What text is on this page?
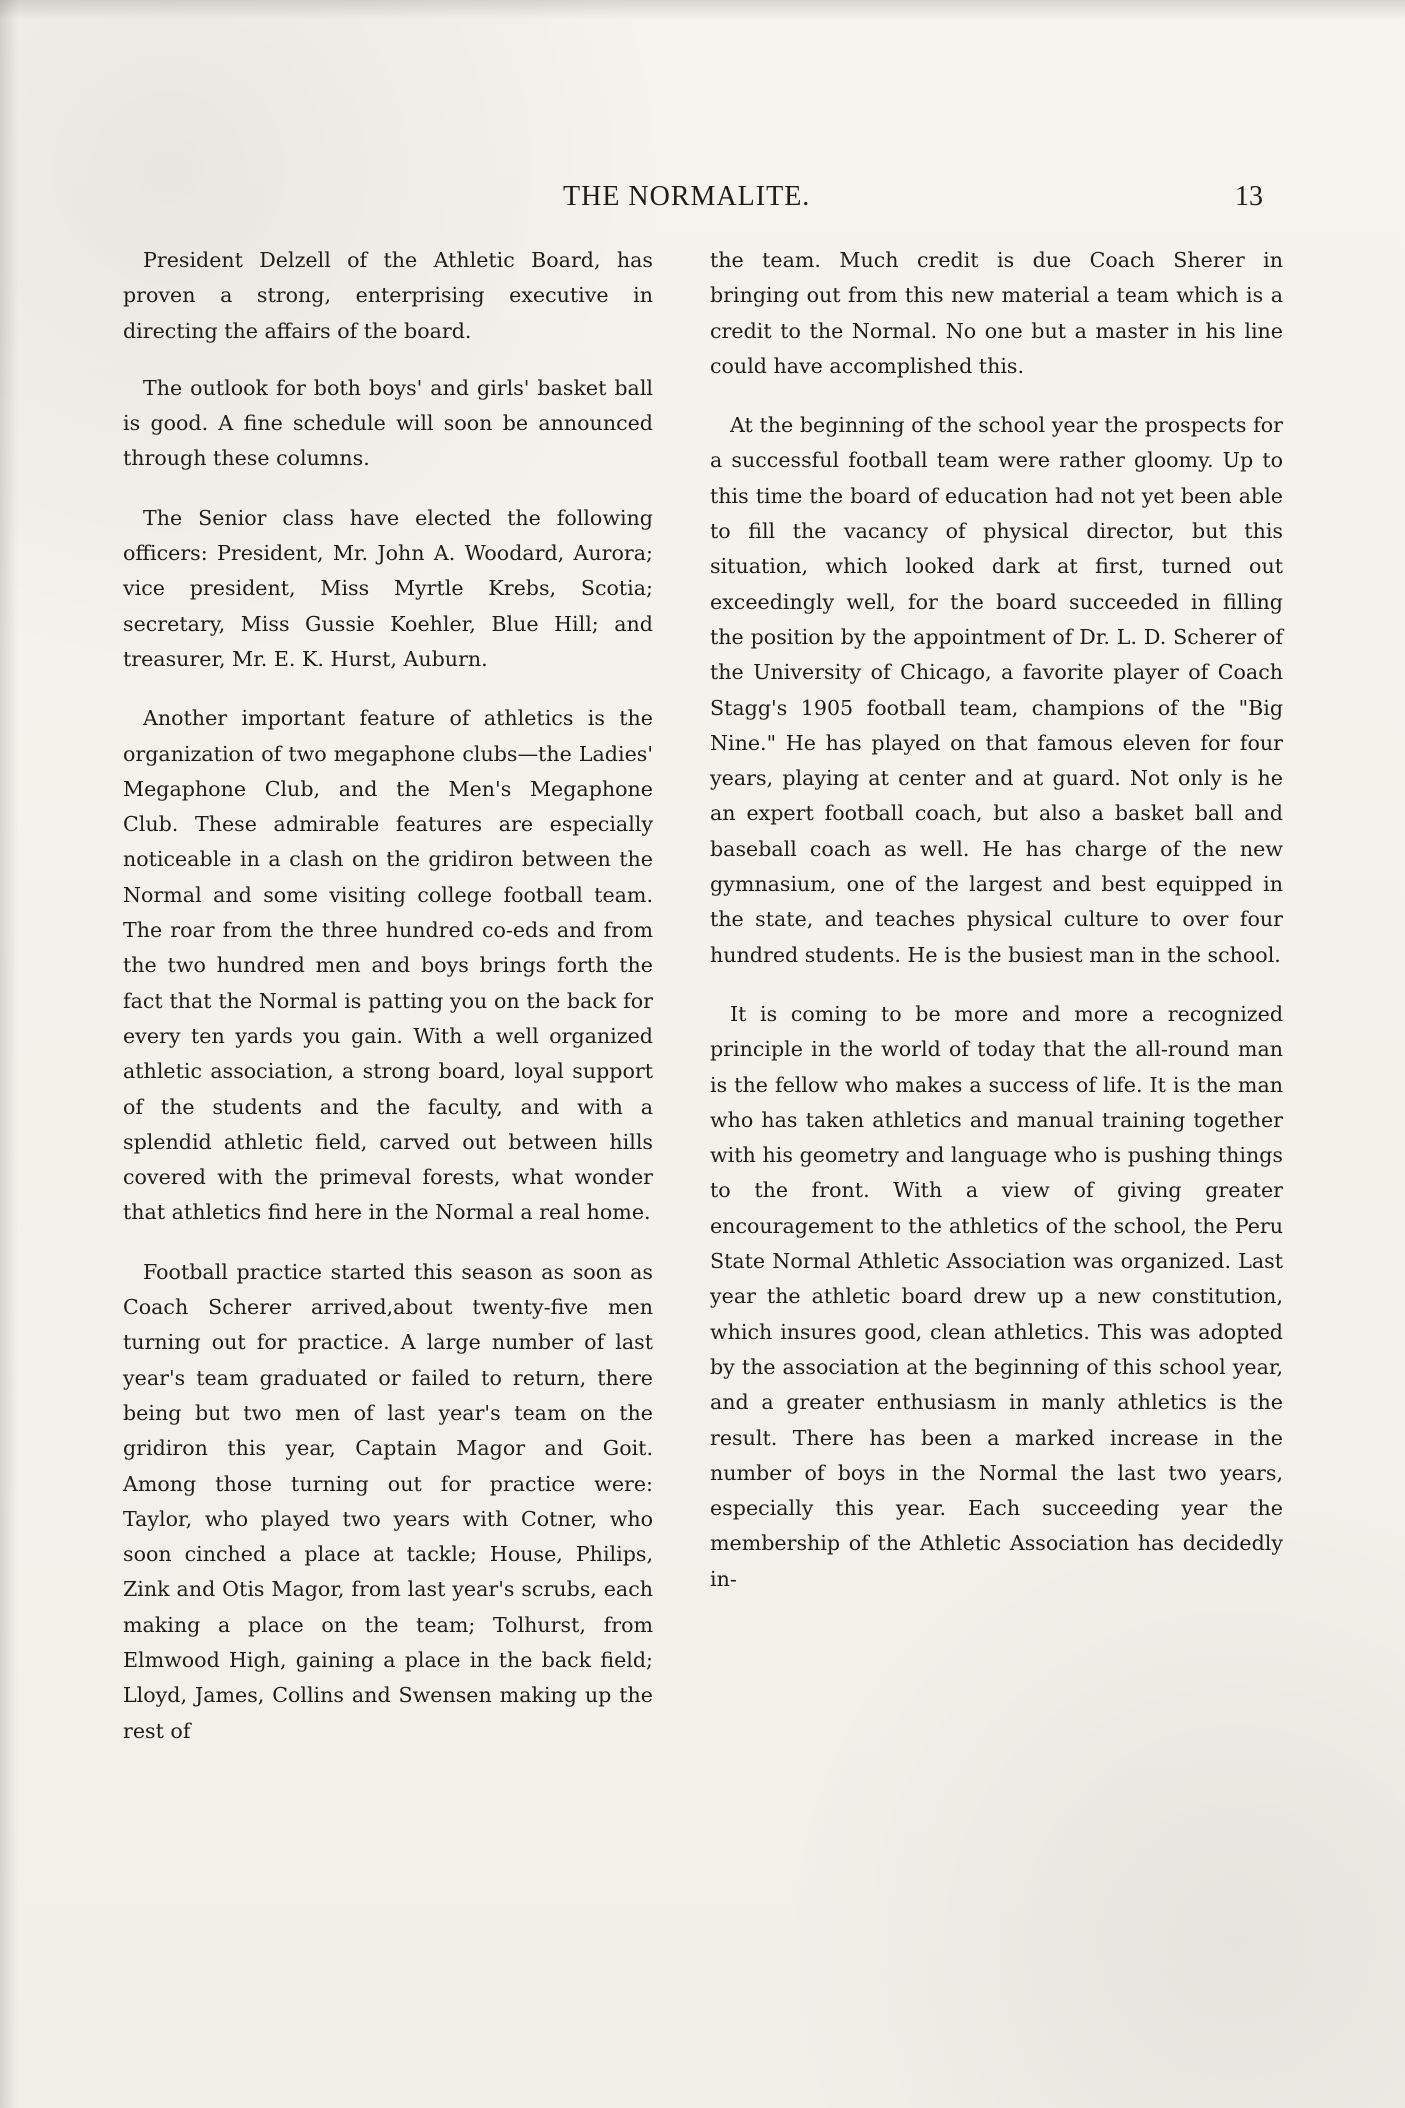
THE NORMALITE.	13

President Delzell of the Athletic Board, has proven a strong, enterprising executive in directing the affairs of the board.

The outlook for both boys' and girls' basket ball is good. A fine schedule will soon be announced through these columns.

The Senior class have elected the following officers: President, Mr. John A. Woodard, Aurora; vice president, Miss Myrtle Krebs, Scotia; secretary, Miss Gussie Koehler, Blue Hill; and treasurer, Mr. E. K. Hurst, Auburn.

Another important feature of athletics is the organization of two megaphone clubs—the Ladies' Megaphone Club, and the Men's Megaphone Club. These admirable features are especially noticeable in a clash on the gridiron between the Normal and some visiting college football team. The roar from the three hundred co-eds and from the two hundred men and boys brings forth the fact that the Normal is patting you on the back for every ten yards you gain. With a well organized athletic association, a strong board, loyal support of the students and the faculty, and with a splendid athletic field, carved out between hills covered with the primeval forests, what wonder that athletics find here in the Normal a real home.

Football practice started this season as soon as Coach Scherer arrived,about twenty-five men turning out for practice. A large number of last year's team graduated or failed to return, there being but two men of last year's team on the gridiron this year, Captain Magor and Goit. Among those turning out for practice were: Taylor, who played two years with Cotner, who soon cinched a place at tackle; House, Philips, Zink and Otis Magor, from last year's scrubs, each making a place on the team; Tolhurst, from Elmwood High, gaining a place in the back field; Lloyd, James, Collins and Swensen making up the rest of

the team. Much credit is due Coach Sherer in bringing out from this new material a team which is a credit to the Normal. No one but a master in his line could have accomplished this.

At the beginning of the school year the prospects for a successful football team were rather gloomy. Up to this time the board of education had not yet been able to fill the vacancy of physical director, but this situation, which looked dark at first, turned out exceedingly well, for the board succeeded in filling the position by the appointment of Dr. L. D. Scherer of the University of Chicago, a favorite player of Coach Stagg's 1905 football team, champions of the "Big Nine." He has played on that famous eleven for four years, playing at center and at guard. Not only is he an expert football coach, but also a basket ball and baseball coach as well. He has charge of the new gymnasium, one of the largest and best equipped in the state, and teaches physical culture to over four hundred students. He is the busiest man in the school.

It is coming to be more and more a recognized principle in the world of today that the all-round man is the fellow who makes a success of life. It is the man who has taken athletics and manual training together with his geometry and language who is pushing things to the front. With a view of giving greater encouragement to the athletics of the school, the Peru State Normal Athletic Association was organized. Last year the athletic board drew up a new constitution, which insures good, clean athletics. This was adopted by the association at the beginning of this school year, and a greater enthusiasm in manly athletics is the result. There has been a marked increase in the number of boys in the Normal the last two years, especially this year. Each succeeding year the membership of the Athletic Association has decidedly in-
